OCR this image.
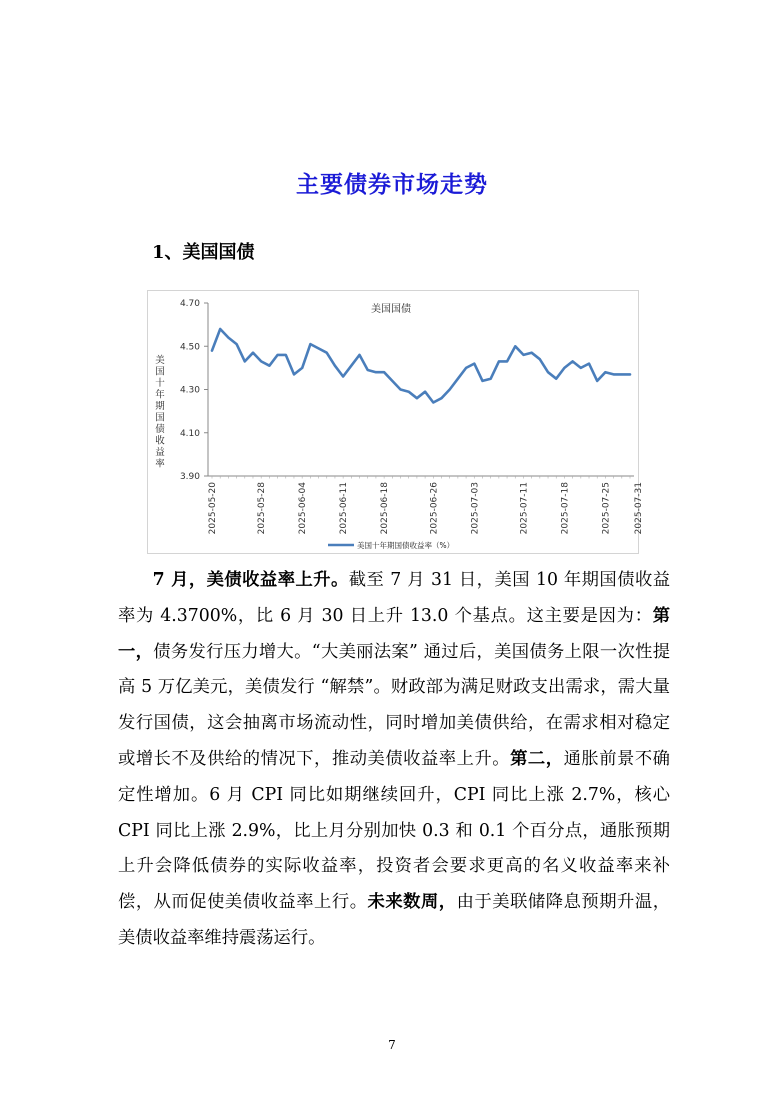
主要债券市场走势
1、美国国债
美国国债
美
国
十
年
期
国
债
收
益
率
4.70
4.50
4.30
4.10
3.90
2025-05-20	2025-05-28	2025-06-04	2025-06-11	2025-06-18	2025-06-26	2025-07-03	2025-07-11	2025-07-18	2025-07-25	2025-07-31
美国十年期国债收益率（%）

7 月，美债收益率上升。截至 7 月 31 日，美国 10 年期国债收益率为 4.3700%，比 6 月 30 日上升 13.0 个基点。这主要是因为：第一，债务发行压力增大。“大美丽法案” 通过后，美国债务上限一次性提高 5 万亿美元，美债发行 “解禁”。财政部为满足财政支出需求，需大量发行国债，这会抽离市场流动性，同时增加美债供给，在需求相对稳定或增长不及供给的情况下，推动美债收益率上升。第二，通胀前景不确定性增加。6 月 CPI 同比如期继续回升，CPI 同比上涨 2.7%，核心 CPI 同比上涨 2.9%，比上月分别加快 0.3 和 0.1 个百分点，通胀预期上升会降低债券的实际收益率，投资者会要求更高的名义收益率来补偿，从而促使美债收益率上行。未来数周，由于美联储降息预期升温，美债收益率维持震荡运行。

7
